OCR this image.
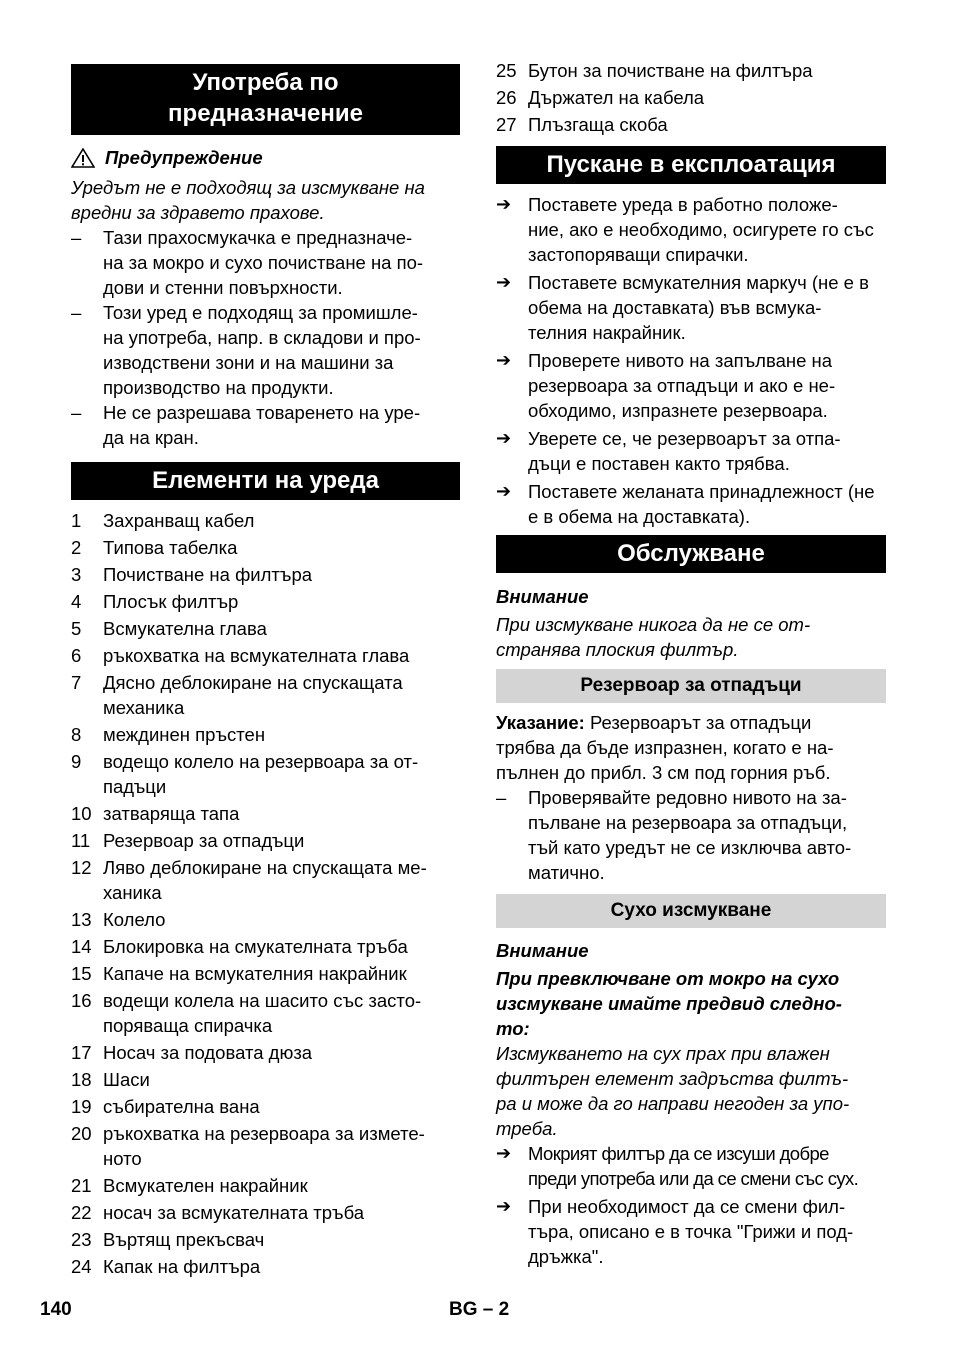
Употреба по
предназначение
Предупреждение
Уредът не е подходящ за изсмукване на
вредни за здравето прахове.
–	Тази прахосмукачка е предназначе-
на за мокро и сухо почистване на по-
дови и стенни повърхности.
–	Този уред е подходящ за промишле-
на употреба, напр. в складови и про-
изводствени зони и на машини за
производство на продукти.
–	Не се разрешава товаренето на уре-
да на кран.
Елементи на уреда
1	Захранващ кабел
2	Типова табелка
3	Почистване на филтъра
4	Плосък филтър
5	Всмукателна глава
6	ръкохватка на всмукателната глава
7	Дясно деблокиране на спускащата механика
8	междинен пръстен
9	водещо колело на резервоара за от-
падъци
10 затваряща тапа
11 Резервоар за отпадъци
12 Ляво деблокиране на спускащата ме-
ханика
13 Колело
14 Блокировка на смукателната тръба
15 Капаче на всмукателния накрайник
16 водещи колела на шасито със засто-
поряваща спирачка
17 Носач за подовата дюза
18 Шаси
19 събирателна вана
20 ръкохватка на резервоара за измете-
ното
21 Всмукателен накрайник
22 носач за всмукателната тръба
23 Въртящ прекъсвач
24 Капак на филтъра
25 Бутон за почистване на филтъра
26 Държател на кабела
27 Плъзгаща скоба
Пускане в експлоатация
➔ Поставете уреда в работно положе-
ние, ако е необходимо, осигурете го със застопоряващи спирачки.
➔ Поставете всмукателния маркуч (не е в обема на доставката) във всмука-
телния накрайник.
➔ Проверете нивото на запълване на резервоара за отпадъци и ако е не-
обходимо, изпразнете резервоара.
➔ Уверете се, че резервоарът за отпа-
дъци е поставен както трябва.
➔ Поставете желаната принадлежност (не е в обема на доставката).
Обслужване
Внимание
При изсмукване никога да не се от-
странява плоския филтър.
Резервоар за отпадъци
Указание: Резервоарът за отпадъци
трябва да бъде изпразнен, когато е на-
пълнен до прибл. 3 см под горния ръб.
–	Проверявайте редовно нивото на за-
пълване на резервоара за отпадъци,
тъй като уредът не се изключва авто-
матично.
Сухо изсмукване
Внимание
При превключване от мокро на сухо
изсмукване имайте предвид следно-
то:
Изсмукването на сух прах при влажен
филтърен елемент задръства филтъ-
ра и може да го направи негоден за упо-
треба.
➔ Мокрият филтър да се изсуши добре
преди употреба или да се смени със сух.
➔ При необходимост да се смени фил-
търа, описано е в точка "Грижи и под-
дръжка".
140	BG – 2
